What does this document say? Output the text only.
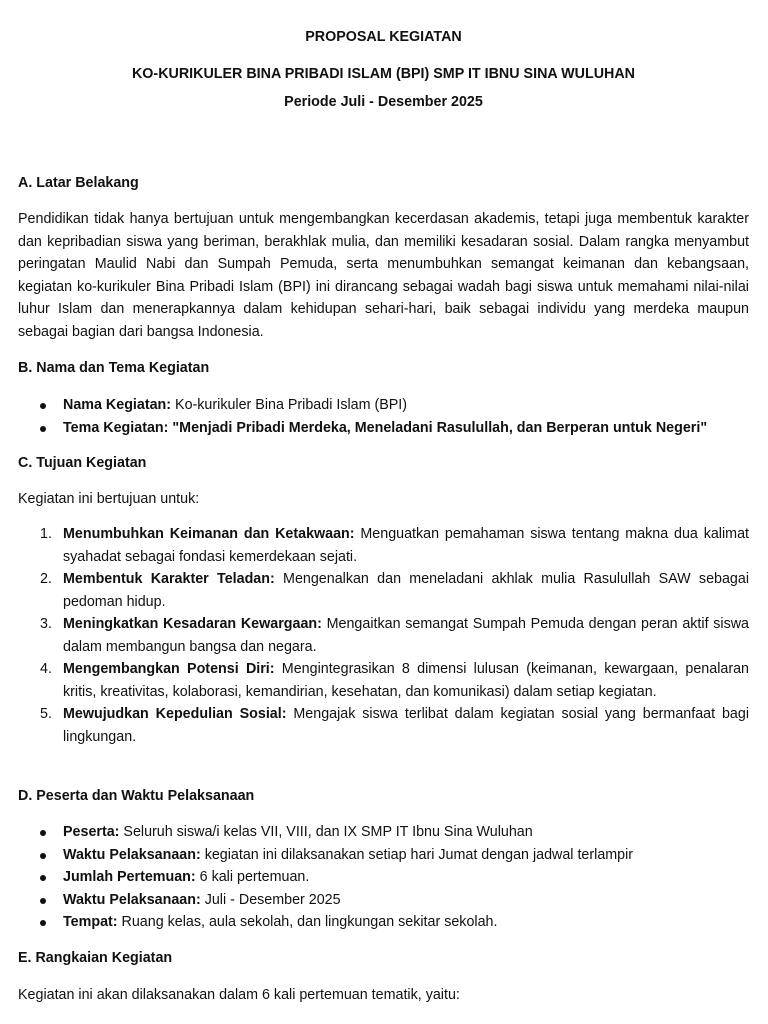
PROPOSAL KEGIATAN
KO-KURIKULER BINA PRIBADI ISLAM (BPI) SMP IT IBNU SINA WULUHAN
Periode Juli - Desember 2025
A. Latar Belakang

Pendidikan tidak hanya bertujuan untuk mengembangkan kecerdasan akademis, tetapi juga membentuk karakter dan kepribadian siswa yang beriman, berakhlak mulia, dan memiliki kesadaran sosial. Dalam rangka menyambut peringatan Maulid Nabi dan Sumpah Pemuda, serta menumbuhkan semangat keimanan dan kebangsaan, kegiatan ko-kurikuler Bina Pribadi Islam (BPI) ini dirancang sebagai wadah bagi siswa untuk memahami nilai-nilai luhur Islam dan menerapkannya dalam kehidupan sehari-hari, baik sebagai individu yang merdeka maupun sebagai bagian dari bangsa Indonesia.

B. Nama dan Tema Kegiatan
Nama Kegiatan: Ko-kurikuler Bina Pribadi Islam (BPI)
Tema Kegiatan: "Menjadi Pribadi Merdeka, Meneladani Rasulullah, dan Berperan untuk Negeri"
C. Tujuan Kegiatan
Kegiatan ini bertujuan untuk:
1. Menumbuhkan Keimanan dan Ketakwaan: Menguatkan pemahaman siswa tentang makna dua kalimat syahadat sebagai fondasi kemerdekaan sejati.
2. Membentuk Karakter Teladan: Mengenalkan dan meneladani akhlak mulia Rasulullah SAW sebagai pedoman hidup.
3. Meningkatkan Kesadaran Kewargaan: Mengaitkan semangat Sumpah Pemuda dengan peran aktif siswa dalam membangun bangsa dan negara.
4. Mengembangkan Potensi Diri: Mengintegrasikan 8 dimensi lulusan (keimanan, kewargaan, penalaran kritis, kreativitas, kolaborasi, kemandirian, kesehatan, dan komunikasi) dalam setiap kegiatan.
5. Mewujudkan Kepedulian Sosial: Mengajak siswa terlibat dalam kegiatan sosial yang bermanfaat bagi lingkungan.
D. Peserta dan Waktu Pelaksanaan
Peserta: Seluruh siswa/i kelas VII, VIII, dan IX SMP IT Ibnu Sina Wuluhan
Waktu Pelaksanaan: kegiatan ini dilaksanakan setiap hari Jumat dengan jadwal terlampir
Jumlah Pertemuan: 6 kali pertemuan.
Waktu Pelaksanaan: Juli - Desember 2025
Tempat: Ruang kelas, aula sekolah, dan lingkungan sekitar sekolah.
E. Rangkaian Kegiatan
Kegiatan ini akan dilaksanakan dalam 6 kali pertemuan tematik, yaitu:
